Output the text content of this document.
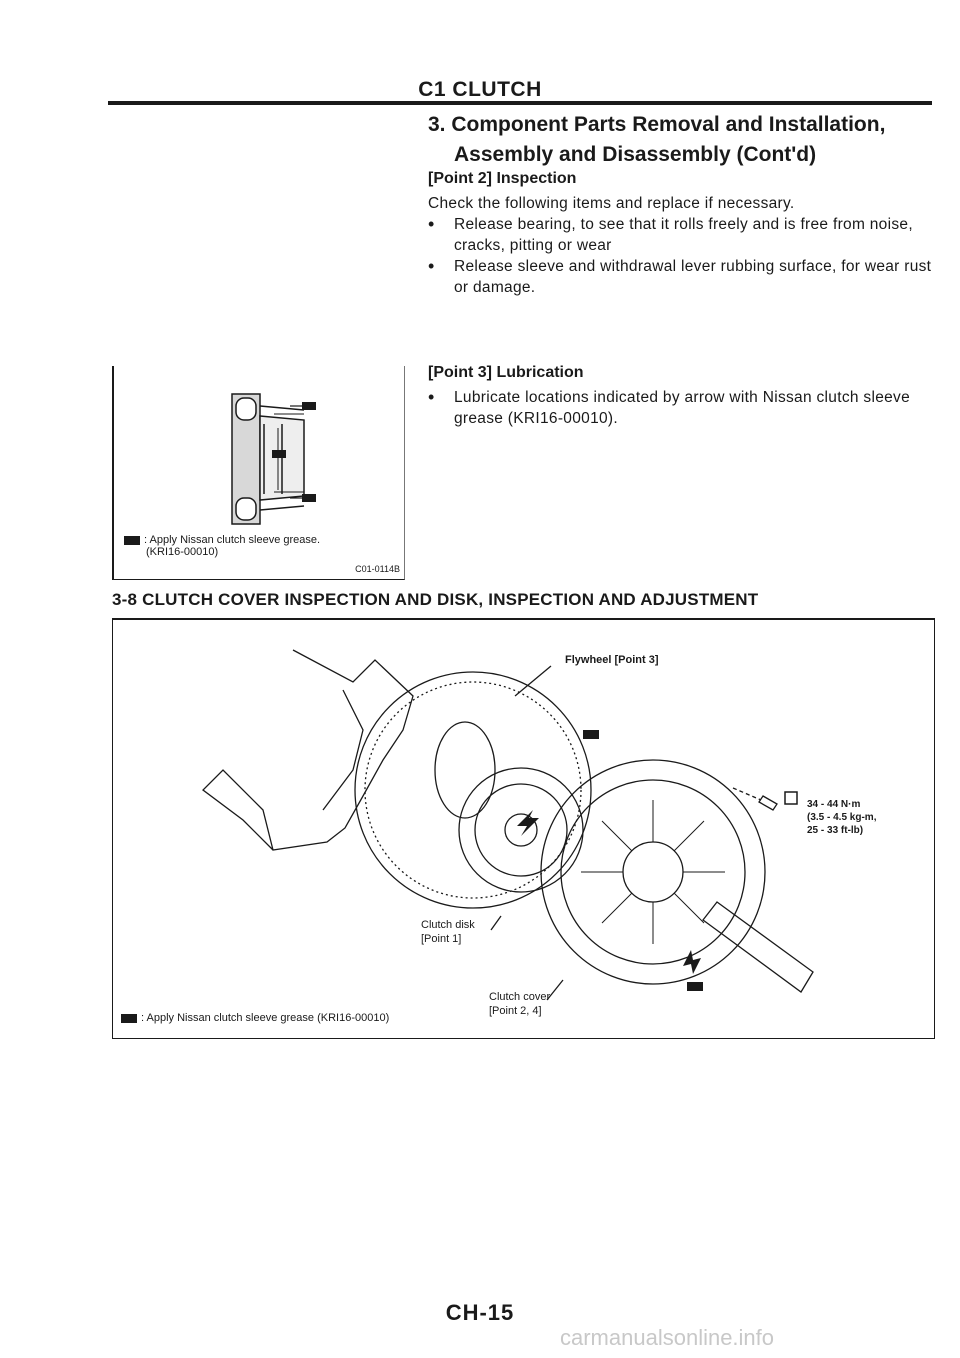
C1 CLUTCH
3. Component Parts Removal and Installation,
Assembly and Disassembly (Cont'd)
[Point 2] Inspection
Check the following items and replace if necessary.
• Release bearing, to see that it rolls freely and is free from noise, cracks, pitting or wear
• Release sleeve and withdrawal lever rubbing surface, for wear rust or damage.
[Point 3] Lubrication
• Lubricate locations indicated by arrow with Nissan clutch sleeve grease (KRI16-00010).
: Apply Nissan clutch sleeve grease.
(KRI16-00010)
C01-0114B
3-8 CLUTCH COVER INSPECTION AND DISK, INSPECTION AND ADJUSTMENT
Flywheel [Point 3]
34 - 44 N·m
(3.5 - 4.5 kg-m,
25 - 33 ft-lb)
Clutch disk
[Point 1]
Clutch cover
[Point 2, 4]
: Apply Nissan clutch sleeve grease (KRI16-00010)
CH-15
carmanualsonline.info
